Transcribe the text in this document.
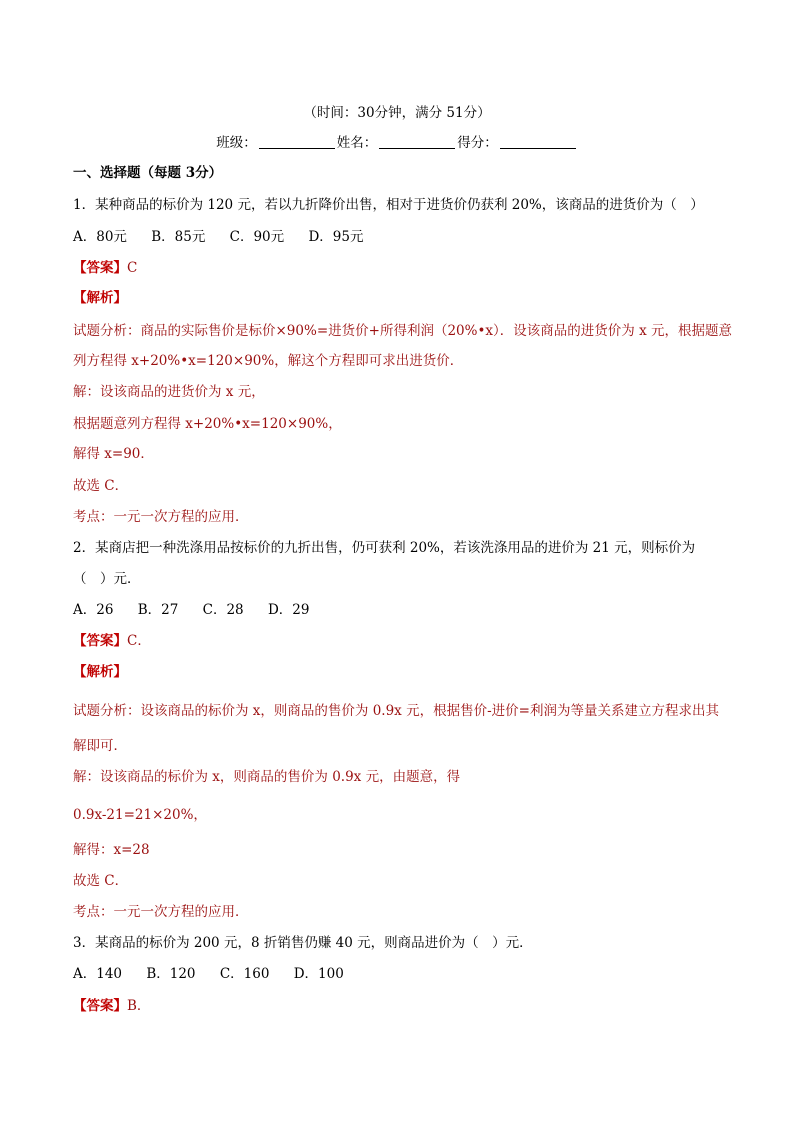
（时间：30分钟，满分 51分）
班级：	姓名：	得分：
一、选择题（每题 3分）
1．某种商品的标价为 120 元，若以九折降价出售，相对于进货价仍获利 20%，该商品的进货价为（　）
A．80元 B．85元 C．90元 D．95元
【答案】C
【解析】
试题分析：商品的实际售价是标价×90%=进货价+所得利润（20%•x）．设该商品的进货价为 x 元，根据题意
列方程得 x+20%•x=120×90%，解这个方程即可求出进货价．
解：设该商品的进货价为 x 元，
根据题意列方程得 x+20%•x=120×90%，
解得 x=90．
故选 C．
考点：一元一次方程的应用．
2．某商店把一种洗涤用品按标价的九折出售，仍可获利 20%，若该洗涤用品的进价为 21 元，则标价为
（　）元．
A．26 B．27 C．28 D．29
【答案】C．
【解析】
试题分析：设该商品的标价为 x，则商品的售价为 0.9x 元，根据售价-进价=利润为等量关系建立方程求出其
解即可．
解：设该商品的标价为 x，则商品的售价为 0.9x 元，由题意，得
0.9x-21=21×20%，
解得：x=28
故选 C．
考点：一元一次方程的应用．
3．某商品的标价为 200 元，8 折销售仍赚 40 元，则商品进价为（　）元．
A．140 B．120 C．160 D．100
【答案】B．
